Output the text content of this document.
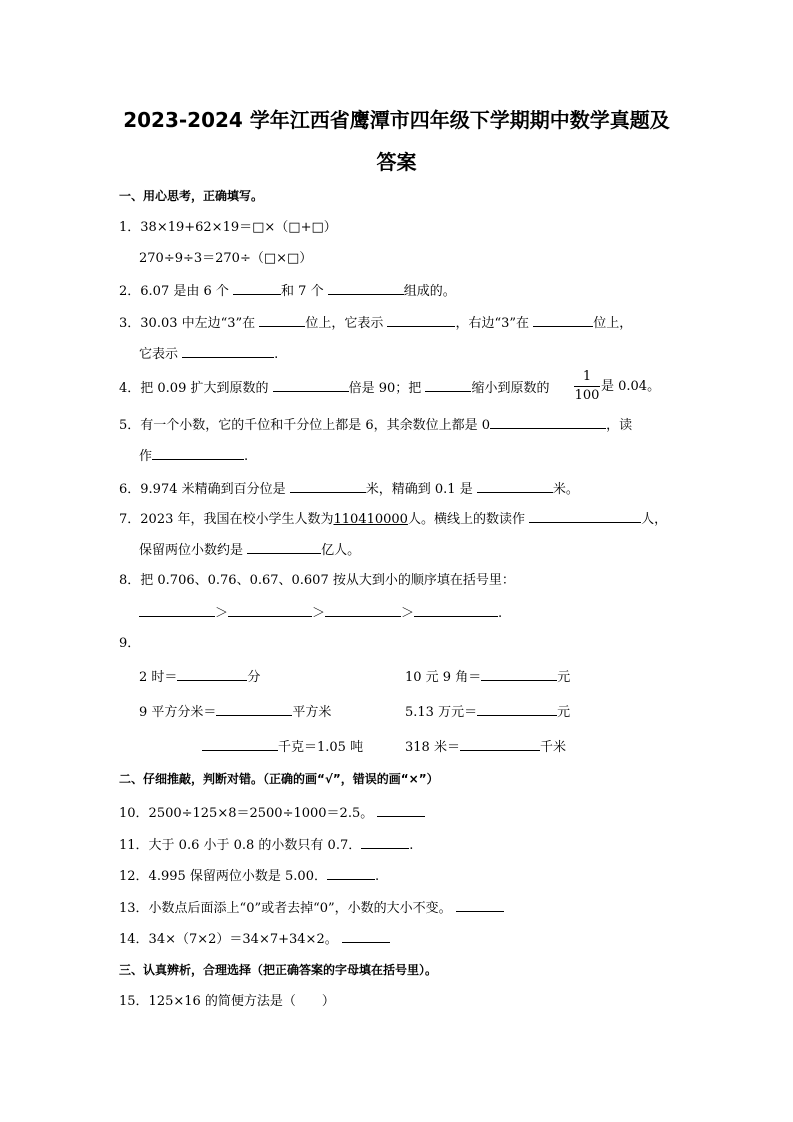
2023-2024 学年江西省鹰潭市四年级下学期期中数学真题及
答案
一、用心思考，正确填写。
1．38×19+62×19＝□×（□+□）
270÷9÷3＝270÷（□×□）
2．6.07 是由 6 个	和 7 个	组成的。
3．30.03 中左边“3”在	位上，它表示	，右边“3”在	位上，
它表示	.
4．把 0.09 扩大到原数的	倍是 90；把	缩小到原数的
1
100
是 0.04。
5．有一个小数，它的千位和千分位上都是 6，其余数位上都是 0	，读
作	.
6．9.974 米精确到百分位是	米，精确到 0.1 是	米。
7．2023 年，我国在校小学生人数为110410000人。横线上的数读作	人，
保留两位小数约是	亿人。
8．把 0.706、0.76、0.67、0.607 按从大到小的顺序填在括号里：
＞	＞	＞	.
9．
2 时＝	分	10 元 9 角＝	元
9 平方分米＝	平方米	5.13 万元＝	元
千克＝1.05 吨	318 米＝	千米
二、仔细推敲，判断对错。（正确的画“√”，错误的画“×”）
10．2500÷125×8＝2500÷1000＝2.5。
11．大于 0.6 小于 0.8 的小数只有 0.7．	.
12．4.995 保留两位小数是 5.00．	.
13．小数点后面添上“0”或者去掉“0”，小数的大小不变。
14．34×（7×2）＝34×7+34×2。
三、认真辨析，合理选择（把正确答案的字母填在括号里）。
15．125×16 的简便方法是（　　）
